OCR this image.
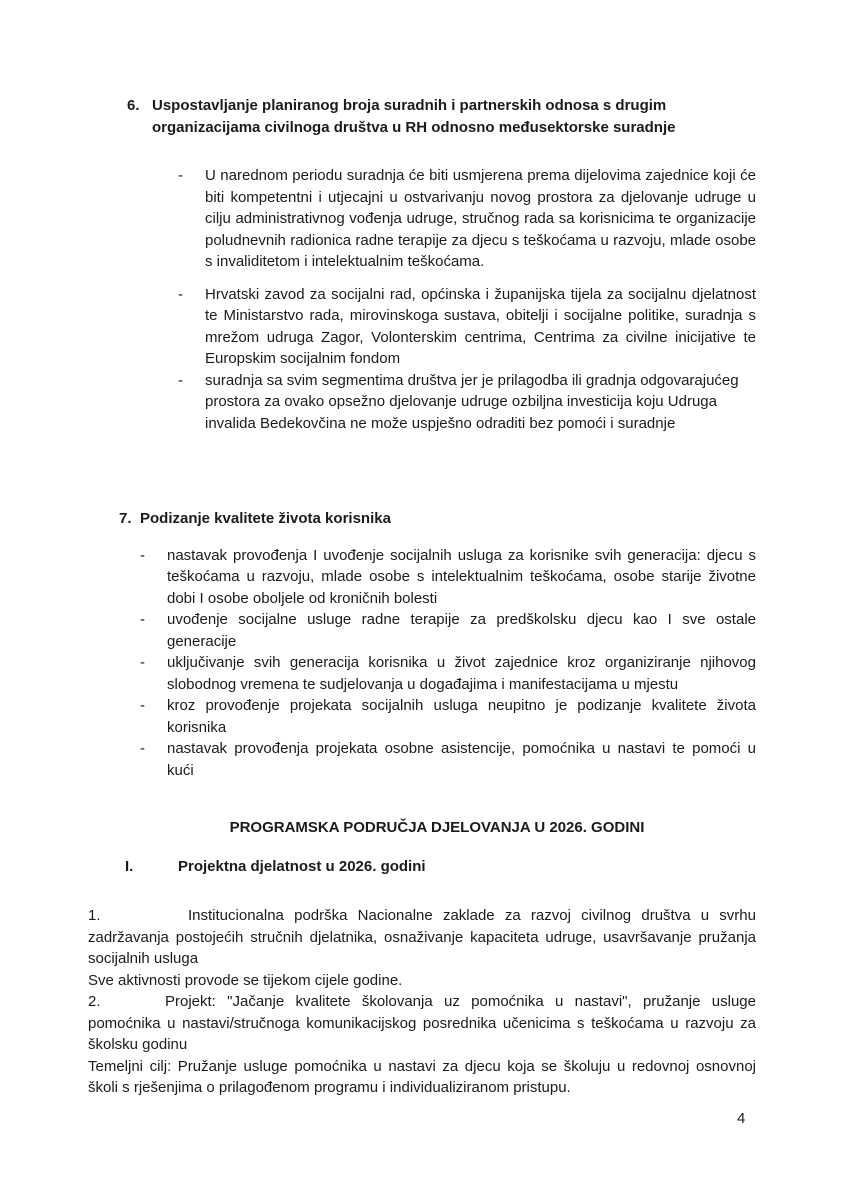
6. Uspostavljanje planiranog broja suradnih i partnerskih odnosa s drugim organizacijama civilnoga društva u RH odnosno međusektorske suradnje
-	U narednom periodu suradnja će biti usmjerena prema dijelovima zajednice koji će biti kompetentni i utjecajni u ostvarivanju novog prostora za djelovanje udruge u cilju administrativnog vođenja udruge, stručnog rada sa korisnicima te organizacije poludnevnih radionica radne terapije za djecu s teškoćama u razvoju, mlade osobe s invaliditetom i intelektualnim teškoćama.
-	Hrvatski zavod za socijalni rad, općinska i županijska tijela za socijalnu djelatnost te Ministarstvo rada, mirovinskoga sustava, obitelji i socijalne politike, suradnja s mrežom udruga Zagor, Volonterskim centrima, Centrima za civilne inicijative te Europskim socijalnim fondom
-	suradnja sa svim segmentima društva jer je prilagodba ili gradnja odgovarajućeg prostora za ovako opsežno djelovanje udruge ozbiljna investicija koju Udruga invalida Bedekovčina ne može uspješno odraditi bez pomoći i suradnje
7. Podizanje kvalitete života korisnika
-	nastavak provođenja I uvođenje socijalnih usluga za korisnike svih generacija: djecu s teškoćama u razvoju, mlade osobe s intelektualnim teškoćama, osobe starije životne dobi I osobe oboljele od kroničnih bolesti
-	uvođenje socijalne usluge radne terapije za predškolsku djecu kao I sve ostale generacije
-	uključivanje svih generacija korisnika u život zajednice kroz organiziranje njihovog slobodnog vremena te sudjelovanja u događajima i manifestacijama u mjestu
-	kroz provođenje projekata socijalnih usluga neupitno je podizanje kvalitete života korisnika
-	nastavak provođenja projekata osobne asistencije, pomoćnika u nastavi te pomoći u kući
PROGRAMSKA PODRUČJA DJELOVANJA U 2026. GODINI
I.	Projektna djelatnost u 2026. godini

1.	Institucionalna podrška Nacionalne zaklade za razvoj civilnog društva u svrhu zadržavanja postojećih stručnih djelatnika, osnaživanje kapaciteta udruge, usavršavanje pružanja socijalnih usluga

Sve aktivnosti provode se tijekom cijele godine.

2.	Projekt: "Jačanje kvalitete školovanja uz pomoćnika u nastavi", pružanje usluge pomoćnika u nastavi/stručnoga komunikacijskog posrednika učenicima s teškoćama u razvoju za školsku godinu

Temeljni cilj: Pružanje usluge pomoćnika u nastavi za djecu koja se školuju u redovnoj osnovnoj školi s rješenjima o prilagođenom programu i individualiziranom pristupu.

4
